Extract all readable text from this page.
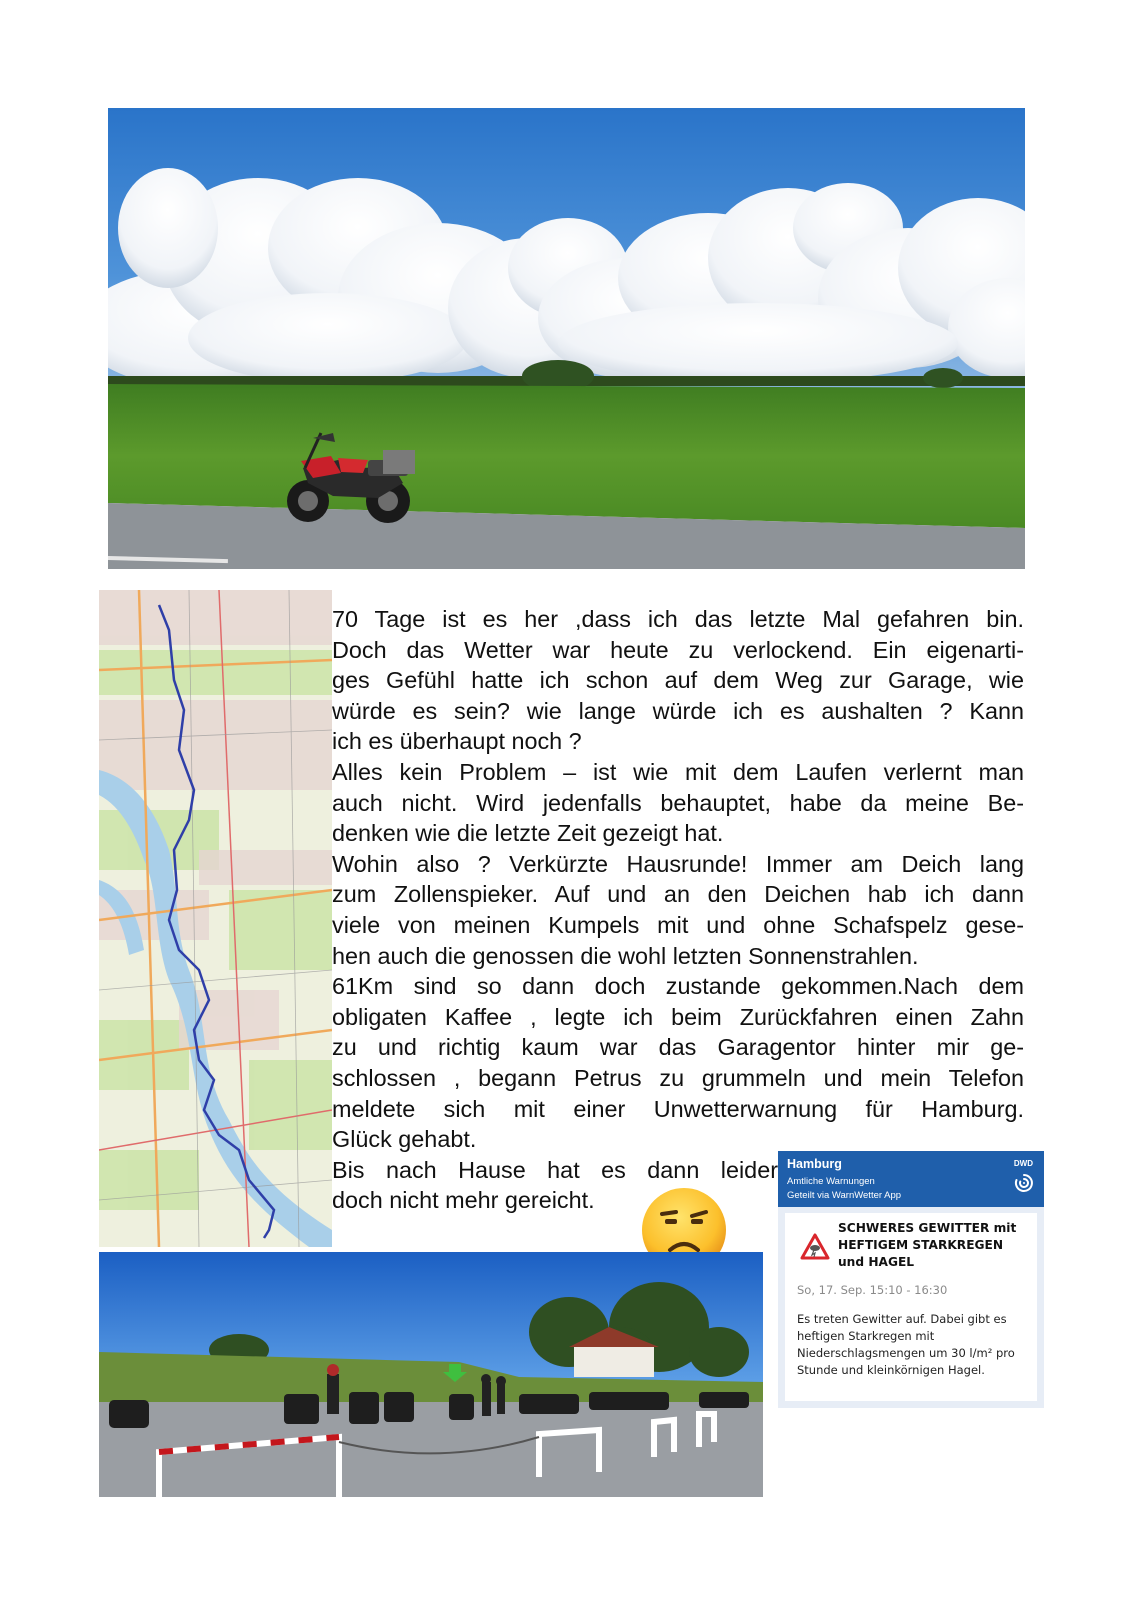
70 Tage ist es her ,dass ich das letzte Mal gefahren bin.
Doch das Wetter war heute zu verlockend. Ein eigenarti-
ges Gefühl hatte ich schon auf dem Weg zur Garage, wie
würde es sein? wie lange würde ich es aushalten ? Kann
ich es überhaupt noch ?

Alles kein Problem – ist wie mit dem Laufen verlernt man
auch nicht. Wird jedenfalls behauptet, habe da meine Be-
denken wie die letzte Zeit gezeigt hat.

Wohin also ? Verkürzte Hausrunde! Immer am Deich lang
zum Zollenspieker. Auf und an den Deichen hab ich dann
viele von meinen Kumpels mit und ohne Schafspelz gese-
hen auch die genossen die wohl letzten Sonnenstrahlen.

61Km sind so dann doch zustande gekommen.Nach dem
obligaten Kaffee , legte ich beim Zurückfahren einen Zahn
zu und richtig kaum war das Garagentor hinter mir ge-
schlossen , begann Petrus zu grummeln und mein Telefon
meldete sich mit einer Unwetterwarnung für Hamburg.
Glück gehabt.

Bis nach Hause hat es dann leider
doch nicht mehr gereicht.

Hamburg
Amtliche Warnungen
Geteilt via WarnWetter App
DWD
SCHWERES GEWITTER mit HEFTIGEM STARKREGEN und HAGEL
So, 17. Sep. 15:10 - 16:30
Es treten Gewitter auf. Dabei gibt es heftigen Starkregen mit Niederschlagsmengen um 30 l/m² pro Stunde und kleinkörnigen Hagel.
